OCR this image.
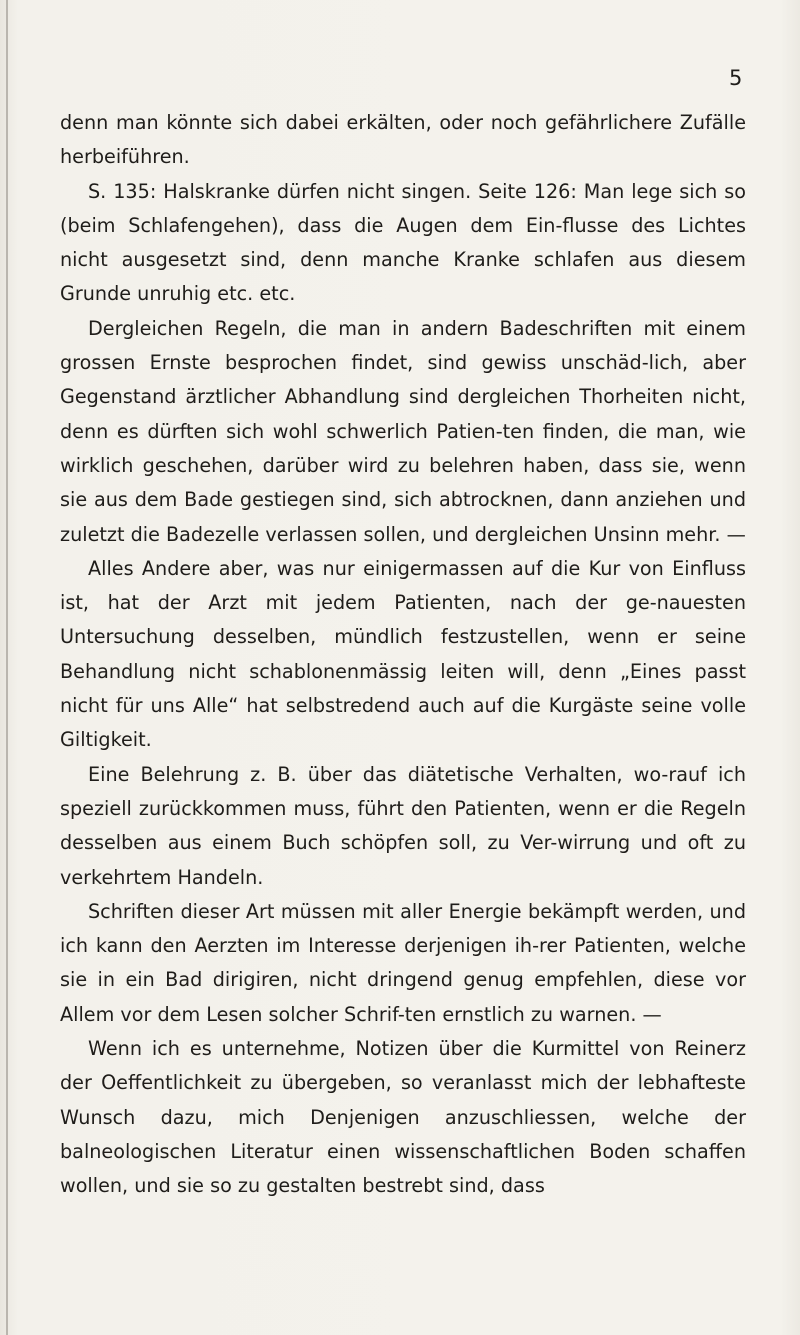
5

denn man könnte sich dabei erkälten, oder noch gefährlichere Zufälle herbeiführen.

S. 135: Halskranke dürfen nicht singen. Seite 126: Man lege sich so (beim Schlafengehen), dass die Augen dem Ein-flusse des Lichtes nicht ausgesetzt sind, denn manche Kranke schlafen aus diesem Grunde unruhig etc. etc.

Dergleichen Regeln, die man in andern Badeschriften mit einem grossen Ernste besprochen findet, sind gewiss unschäd-lich, aber Gegenstand ärztlicher Abhandlung sind dergleichen Thorheiten nicht, denn es dürften sich wohl schwerlich Patien-ten finden, die man, wie wirklich geschehen, darüber wird zu belehren haben, dass sie, wenn sie aus dem Bade gestiegen sind, sich abtrocknen, dann anziehen und zuletzt die Badezelle verlassen sollen, und dergleichen Unsinn mehr. —

Alles Andere aber, was nur einigermassen auf die Kur von Einfluss ist, hat der Arzt mit jedem Patienten, nach der ge-nauesten Untersuchung desselben, mündlich festzustellen, wenn er seine Behandlung nicht schablonenmässig leiten will, denn „Eines passt nicht für uns Alle“ hat selbstredend auch auf die Kurgäste seine volle Giltigkeit.

Eine Belehrung z. B. über das diätetische Verhalten, wo-rauf ich speziell zurückkommen muss, führt den Patienten, wenn er die Regeln desselben aus einem Buch schöpfen soll, zu Ver-wirrung und oft zu verkehrtem Handeln.

Schriften dieser Art müssen mit aller Energie bekämpft werden, und ich kann den Aerzten im Interesse derjenigen ih-rer Patienten, welche sie in ein Bad dirigiren, nicht dringend genug empfehlen, diese vor Allem vor dem Lesen solcher Schrif-ten ernstlich zu warnen. —

Wenn ich es unternehme, Notizen über die Kurmittel von Reinerz der Oeffentlichkeit zu übergeben, so veranlasst mich der lebhafteste Wunsch dazu, mich Denjenigen anzuschliessen, welche der balneologischen Literatur einen wissenschaftlichen Boden schaffen wollen, und sie so zu gestalten bestrebt sind, dass
